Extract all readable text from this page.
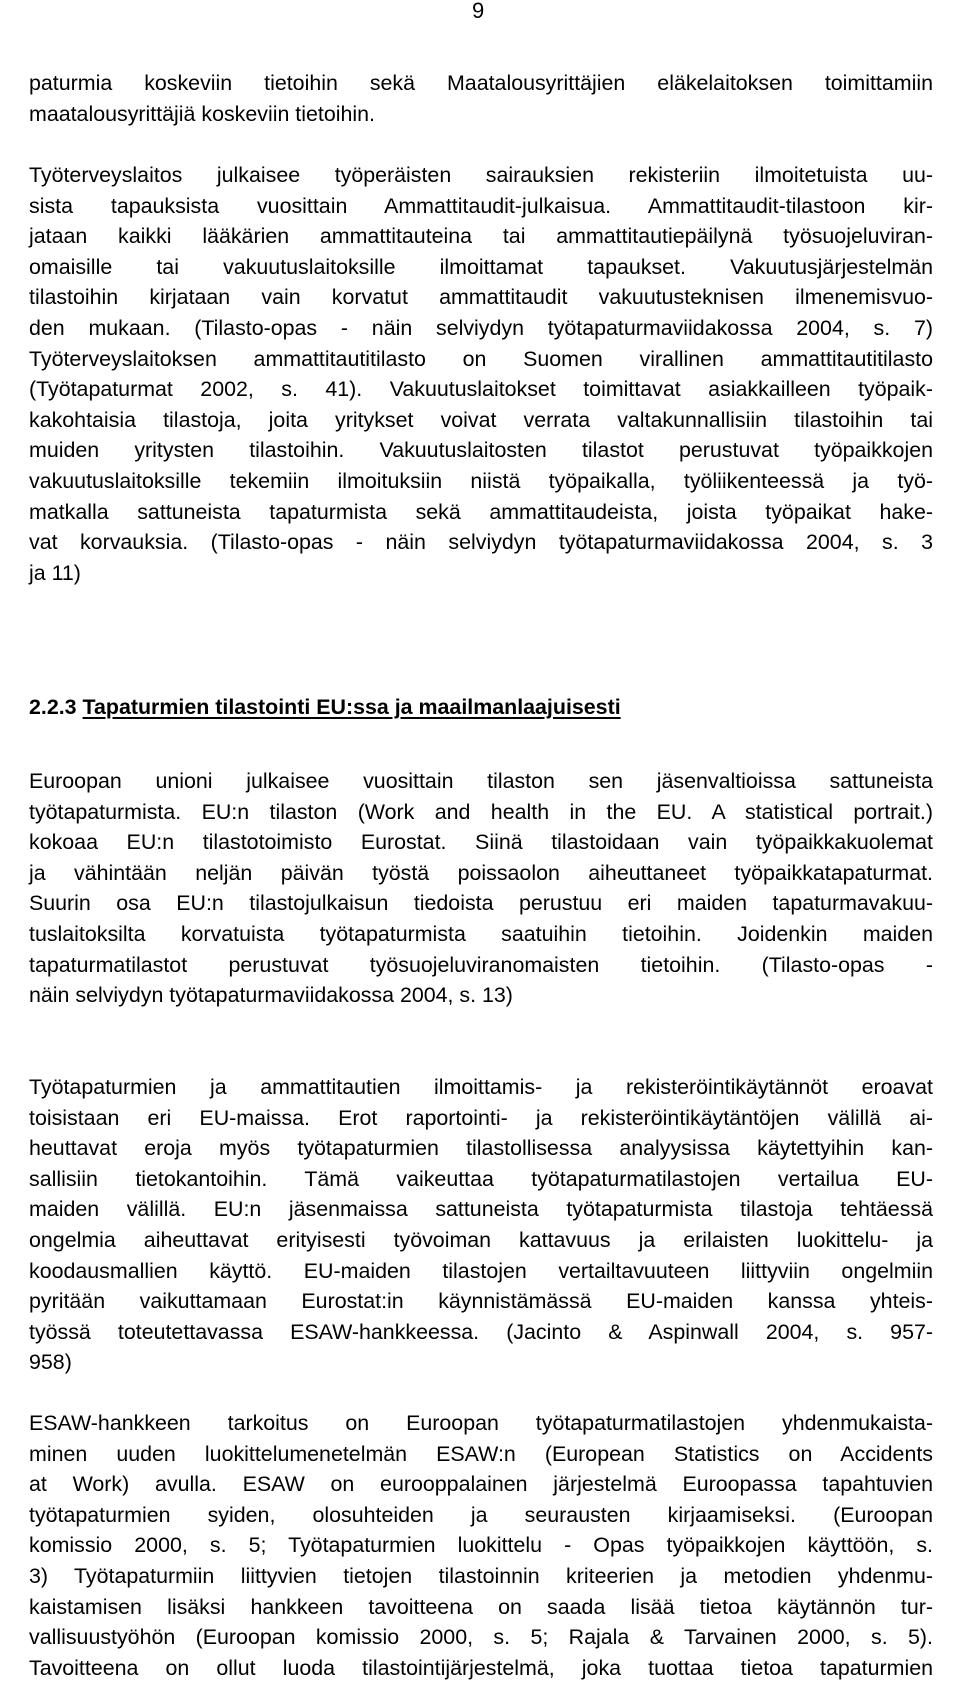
9
paturmia koskeviin tietoihin sekä Maatalousyrittäjien eläkelaitoksen toimittamiin
maatalousyrittäjiä koskeviin tietoihin.
Työterveyslaitos julkaisee työperäisten sairauksien rekisteriin ilmoitetuista uu-
sista tapauksista vuosittain Ammattitaudit-julkaisua. Ammattitaudit-tilastoon kir-
jataan kaikki lääkärien ammattitauteina tai ammattitautiepäilynä työsuojeluviran-
omaisille tai vakuutuslaitoksille ilmoittamat tapaukset. Vakuutusjärjestelmän
tilastoihin kirjataan vain korvatut ammattitaudit vakuutusteknisen ilmenemisvuo-
den mukaan. (Tilasto-opas - näin selviydyn työtapaturmaviidakossa 2004, s. 7)
Työterveyslaitoksen ammattitautitilasto on Suomen virallinen ammattitautitilasto
(Työtapaturmat 2002, s. 41). Vakuutuslaitokset toimittavat asiakkailleen työpaik-
kakohtaisia tilastoja, joita yritykset voivat verrata valtakunnallisiin tilastoihin tai
muiden yritysten tilastoihin. Vakuutuslaitosten tilastot perustuvat työpaikkojen
vakuutuslaitoksille tekemiin ilmoituksiin niistä työpaikalla, työliikenteessä ja työ-
matkalla sattuneista tapaturmista sekä ammattitaudeista, joista työpaikat hake-
vat korvauksia. (Tilasto-opas - näin selviydyn työtapaturmaviidakossa 2004, s. 3
ja 11)
2.2.3 Tapaturmien tilastointi EU:ssa ja maailmanlaajuisesti
Euroopan unioni julkaisee vuosittain tilaston sen jäsenvaltioissa sattuneista
työtapaturmista. EU:n tilaston (Work and health in the EU. A statistical portrait.)
kokoaa EU:n tilastotoimisto Eurostat. Siinä tilastoidaan vain työpaikkakuolemat
ja vähintään neljän päivän työstä poissaolon aiheuttaneet työpaikkatapaturmat.
Suurin osa EU:n tilastojulkaisun tiedoista perustuu eri maiden tapaturmavakuu-
tuslaitoksilta korvatuista työtapaturmista saatuihin tietoihin. Joidenkin maiden
tapaturmatilastot perustuvat työsuojeluviranomaisten tietoihin. (Tilasto-opas -
näin selviydyn työtapaturmaviidakossa 2004, s. 13)
Työtapaturmien ja ammattitautien ilmoittamis- ja rekisteröintikäytännöt eroavat
toisistaan eri EU-maissa. Erot raportointi- ja rekisteröintikäytäntöjen välillä ai-
heuttavat eroja myös työtapaturmien tilastollisessa analyysissa käytettyihin kan-
sallisiin tietokantoihin. Tämä vaikeuttaa työtapaturmatilastojen vertailua EU-
maiden välillä. EU:n jäsenmaissa sattuneista työtapaturmista tilastoja tehtäessä
ongelmia aiheuttavat erityisesti työvoiman kattavuus ja erilaisten luokittelu- ja
koodausmallien käyttö. EU-maiden tilastojen vertailtavuuteen liittyviin ongelmiin
pyritään vaikuttamaan Eurostat:in käynnistämässä EU-maiden kanssa yhteis-
työssä toteutettavassa ESAW-hankkeessa. (Jacinto & Aspinwall 2004, s. 957-
958)
ESAW-hankkeen tarkoitus on Euroopan työtapaturmatilastojen yhdenmukaista-
minen uuden luokittelumenetelmän ESAW:n (European Statistics on Accidents
at Work) avulla. ESAW on eurooppalainen järjestelmä Euroopassa tapahtuvien
työtapaturmien syiden, olosuhteiden ja seurausten kirjaamiseksi. (Euroopan
komissio 2000, s. 5; Työtapaturmien luokittelu - Opas työpaikkojen käyttöön, s.
3) Työtapaturmiin liittyvien tietojen tilastoinnin kriteerien ja metodien yhdenmu-
kaistamisen lisäksi hankkeen tavoitteena on saada lisää tietoa käytännön tur-
vallisuustyöhön (Euroopan komissio 2000, s. 5; Rajala & Tarvainen 2000, s. 5).
Tavoitteena on ollut luoda tilastointijärjestelmä, joka tuottaa tietoa tapaturmien
